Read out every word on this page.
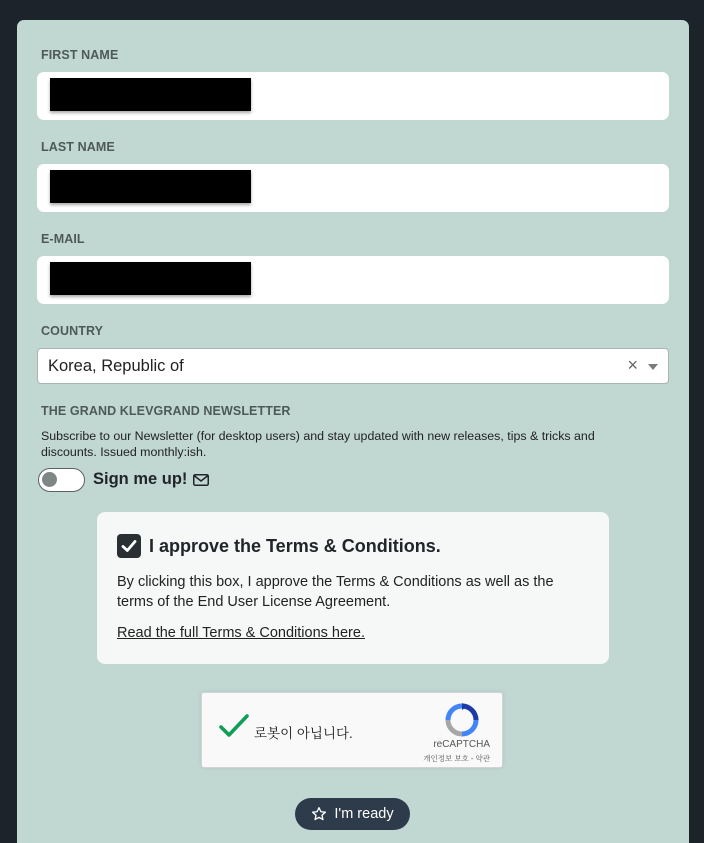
FIRST NAME
LAST NAME
E-MAIL
COUNTRY
Korea, Republic of	×
THE GRAND KLEVGRAND NEWSLETTER
Subscribe to our Newsletter (for desktop users) and stay updated with new releases, tips & tricks and discounts. Issued monthly:ish.
Sign me up!
I approve the Terms & Conditions.
By clicking this box, I approve the Terms & Conditions as well as the terms of the End User License Agreement.
Read the full Terms & Conditions here.
로봇이 아닙니다.
reCAPTCHA
개인정보 보호 - 약관
I'm ready
